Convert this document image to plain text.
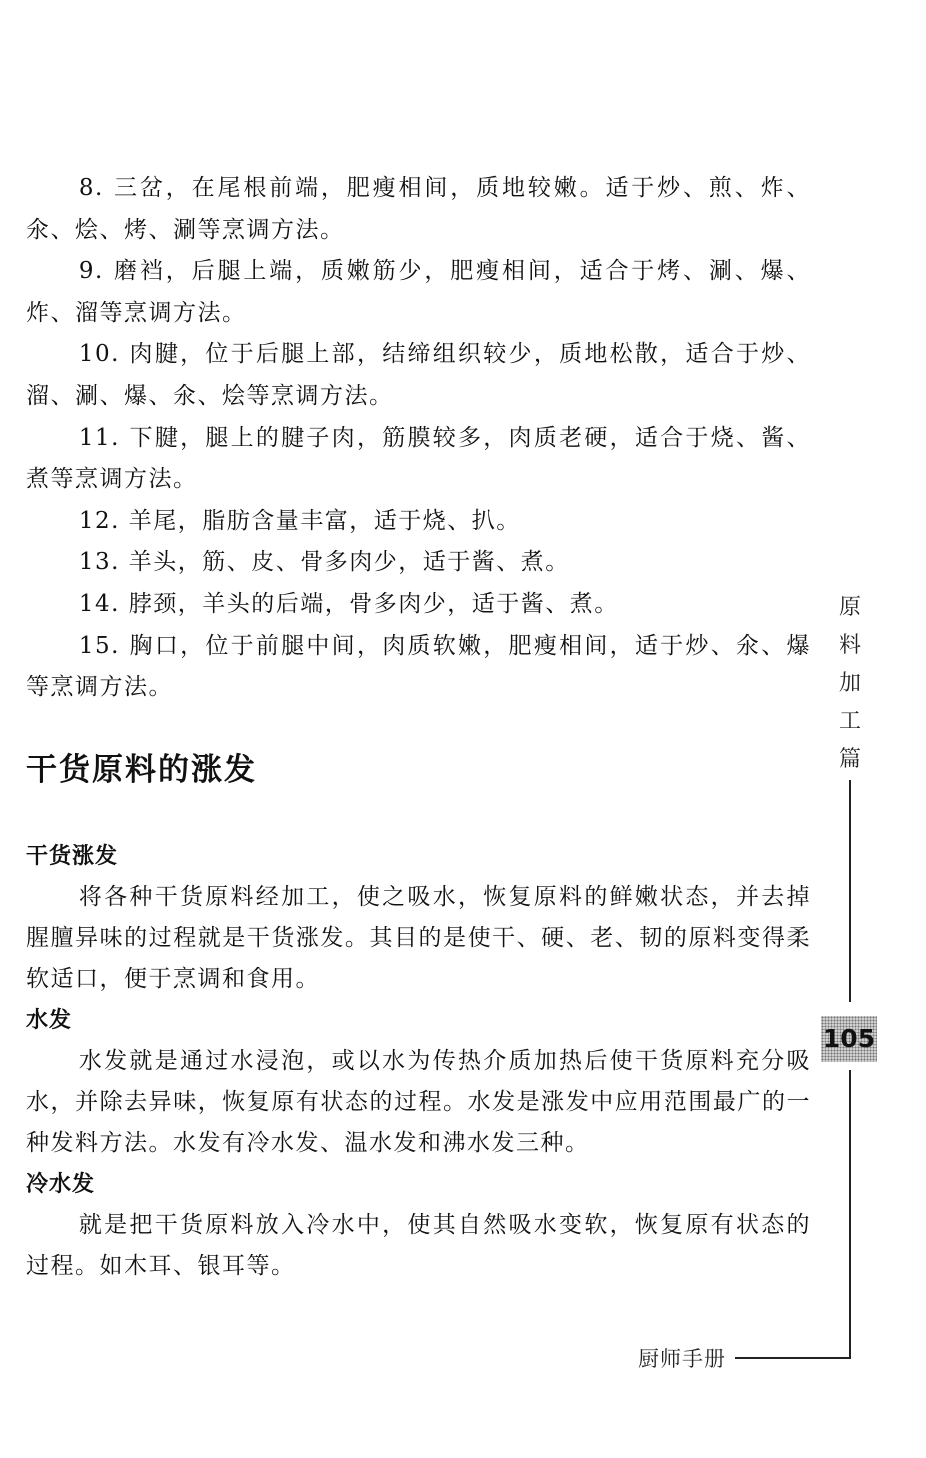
8. 三岔，在尾根前端，肥瘦相间，质地较嫩。适于炒、煎、炸、氽、烩、烤、涮等烹调方法。

9. 磨裆，后腿上端，质嫩筋少，肥瘦相间，适合于烤、涮、爆、炸、溜等烹调方法。

10. 肉腱，位于后腿上部，结缔组织较少，质地松散，适合于炒、溜、涮、爆、氽、烩等烹调方法。

11. 下腱，腿上的腱子肉，筋膜较多，肉质老硬，适合于烧、酱、煮等烹调方法。

12. 羊尾，脂肪含量丰富，适于烧、扒。

13. 羊头，筋、皮、骨多肉少，适于酱、煮。

14. 脖颈，羊头的后端，骨多肉少，适于酱、煮。

15. 胸口，位于前腿中间，肉质软嫩，肥瘦相间，适于炒、氽、爆等烹调方法。

干货原料的涨发
干货涨发

将各种干货原料经加工，使之吸水，恢复原料的鲜嫩状态，并去掉腥膻异味的过程就是干货涨发。其目的是使干、硬、老、韧的原料变得柔软适口，便于烹调和食用。

水发

水发就是通过水浸泡，或以水为传热介质加热后使干货原料充分吸水，并除去异味，恢复原有状态的过程。水发是涨发中应用范围最广的一种发料方法。水发有冷水发、温水发和沸水发三种。

冷水发

就是把干货原料放入冷水中，使其自然吸水变软，恢复原有状态的过程。如木耳、银耳等。

原
料
加
工
篇
105
厨师手册
